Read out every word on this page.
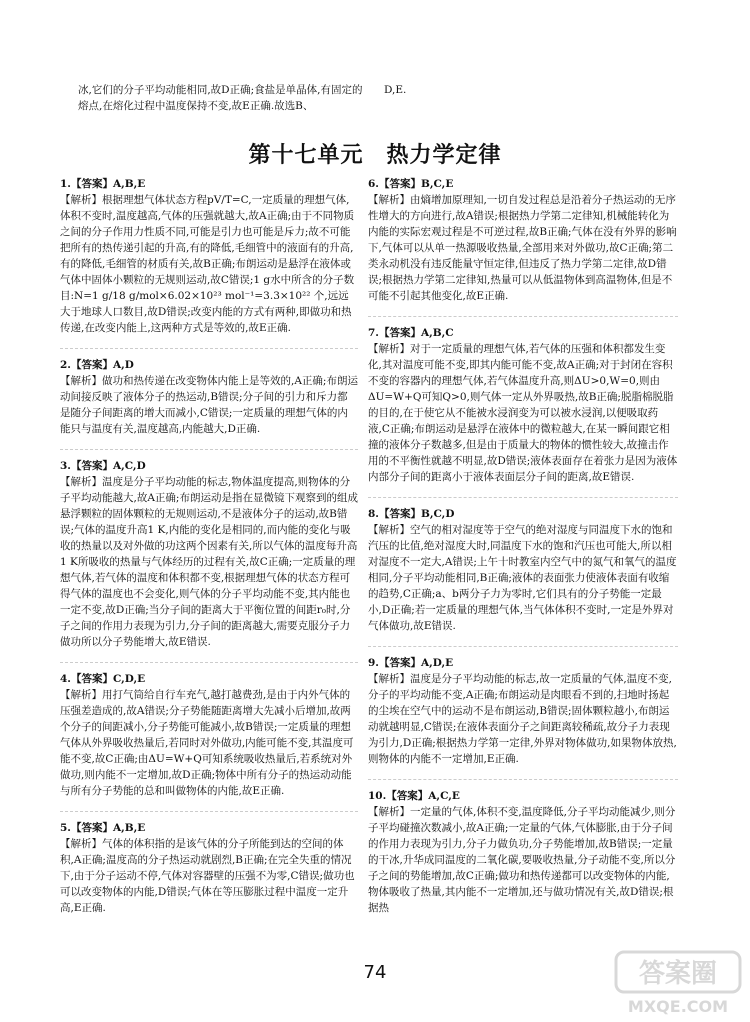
冰,它们的分子平均动能相同,故D正确;食盐是单晶体,有固定的熔点,在熔化过程中温度保持不变,故E正确.故选B、
D,E.
第十七单元　热力学定律
1.【答案】A,B,E
【解析】根据理想气体状态方程pV/T=C,一定质量的理想气体,体积不变时,温度越高,气体的压强就越大,故A正确;由于不同物质之间的分子作用力性质不同,可能是引力也可能是斥力;故不可能把所有的热传递引起的升高,有的降低,毛细管中的液面有的升高,有的降低,毛细管的材质有关,故B正确;布朗运动是悬浮在液体或气体中固体小颗粒的无规则运动,故C错误;1 g水中所含的分子数目:N=1 g/18 g/mol×6.02×10²³ mol⁻¹=3.3×10²² 个,远远大于地球人口数目,故D错误;改变内能的方式有两种,即做功和热传递,在改变内能上,这两种方式是等效的,故E正确.
2.【答案】A,D
【解析】做功和热传递在改变物体内能上是等效的,A正确;布朗运动间接反映了液体分子的热运动,B错误;分子间的引力和斥力都是随分子间距离的增大而减小,C错误;一定质量的理想气体的内能只与温度有关,温度越高,内能越大,D正确.
3.【答案】A,C,D
【解析】温度是分子平均动能的标志,物体温度提高,则物体的分子平均动能越大,故A正确;布朗运动是指在显微镜下观察到的组成悬浮颗粒的固体颗粒的无规则运动,不是液体分子的运动,故B错误;气体的温度升高1 K,内能的变化是相同的,而内能的变化与吸收的热量以及对外做的功这两个因素有关,所以气体的温度每升高1 K所吸收的热量与气体经历的过程有关,故C正确;一定质量的理想气体,若气体的温度和体积都不变,根据理想气体的状态方程可得气体的温度也不会变化,则气体的分子平均动能不变,其内能也一定不变,故D正确;当分子间的距离大于平衡位置的间距r₀时,分子之间的作用力表现为引力,分子间的距离越大,需要克服分子力做功所以分子势能增大,故E错误.
4.【答案】C,D,E
【解析】用打气筒给自行车充气,越打越费劲,是由于内外气体的压强差造成的,故A错误;分子势能随距离增大先减小后增加,故两个分子的间距减小,分子势能可能减小,故B错误;一定质量的理想气体从外界吸收热量后,若同时对外做功,内能可能不变,其温度可能不变,故C正确;由ΔU=W+Q可知系统吸收热量后,若系统对外做功,则内能不一定增加,故D正确;物体中所有分子的热运动动能与所有分子势能的总和叫做物体的内能,故E正确.
5.【答案】A,B,E
【解析】气体的体积指的是该气体的分子所能到达的空间的体积,A正确;温度高的分子热运动就剧烈,B正确;在完全失重的情况下,由于分子运动不停,气体对容器壁的压强不为零,C错误;做功也可以改变物体的内能,D错误;气体在等压膨胀过程中温度一定升高,E正确.
6.【答案】B,C,E
【解析】由熵增加原理知,一切自发过程总是沿着分子热运动的无序性增大的方向进行,故A错误;根据热力学第二定律知,机械能转化为内能的实际宏观过程是不可逆过程,故B正确;气体在没有外界的影响下,气体可以从单一热源吸收热量,全部用来对外做功,故C正确;第二类永动机没有违反能量守恒定律,但违反了热力学第二定律,故D错误;根据热力学第二定律知,热量可以从低温物体到高温物体,但是不可能不引起其他变化,故E正确.
7.【答案】A,B,C
【解析】对于一定质量的理想气体,若气体的压强和体积都发生变化,其对温度可能不变,即其内能可能不变,故A正确;对于封闭在容积不变的容器内的理想气体,若气体温度升高,则ΔU>0,W=0,则由ΔU=W+Q可知Q>0,则气体一定从外界吸热,故B正确;脱脂棉脱脂的目的,在于使它从不能被水浸润变为可以被水浸润,以便吸取药液,C正确;布朗运动是悬浮在液体中的微粒越大,在某一瞬间跟它相撞的液体分子数越多,但是由于质量大的物体的惯性较大,故撞击作用的不平衡性就越不明显,故D错误;液体表面存在着张力是因为液体内部分子间的距离小于液体表面层分子间的距离,故E错误.
8.【答案】B,C,D
【解析】空气的相对湿度等于空气的绝对湿度与同温度下水的饱和汽压的比值,绝对湿度大时,同温度下水的饱和汽压也可能大,所以相对湿度不一定大,A错误;上午十时教室内空气中的氮气和氧气的温度相同,分子平均动能相同,B正确;液体的表面张力使液体表面有收缩的趋势,C正确;a、b两分子力为零时,它们具有的分子势能一定最小,D正确;若一定质量的理想气体,当气体体积不变时,一定是外界对气体做功,故E错误.
9.【答案】A,D,E
【解析】温度是分子平均动能的标志,故一定质量的气体,温度不变,分子的平均动能不变,A正确;布朗运动是肉眼看不到的,扫地时扬起的尘埃在空气中的运动不是布朗运动,B错误;固体颗粒越小,布朗运动就越明显,C错误;在液体表面分子之间距离较稀疏,故分子力表现为引力,D正确;根据热力学第一定律,外界对物体做功,如果物体放热,则物体的内能不一定增加,E正确.
10.【答案】A,C,E
【解析】一定量的气体,体积不变,温度降低,分子平均动能减少,则分子平均碰撞次数减小,故A正确;一定量的气体,气体膨胀,由于分子间的作用力表现为引力,分子力做负功,分子势能增加,故B错误;一定量的干冰,升华成同温度的二氧化碳,要吸收热量,分子动能不变,所以分子之间的势能增加,故C正确;做功和热传递都可以改变物体的内能,物体吸收了热量,其内能不一定增加,还与做功情况有关,故D错误;根据热
74	答案圈
MXQE.COM
